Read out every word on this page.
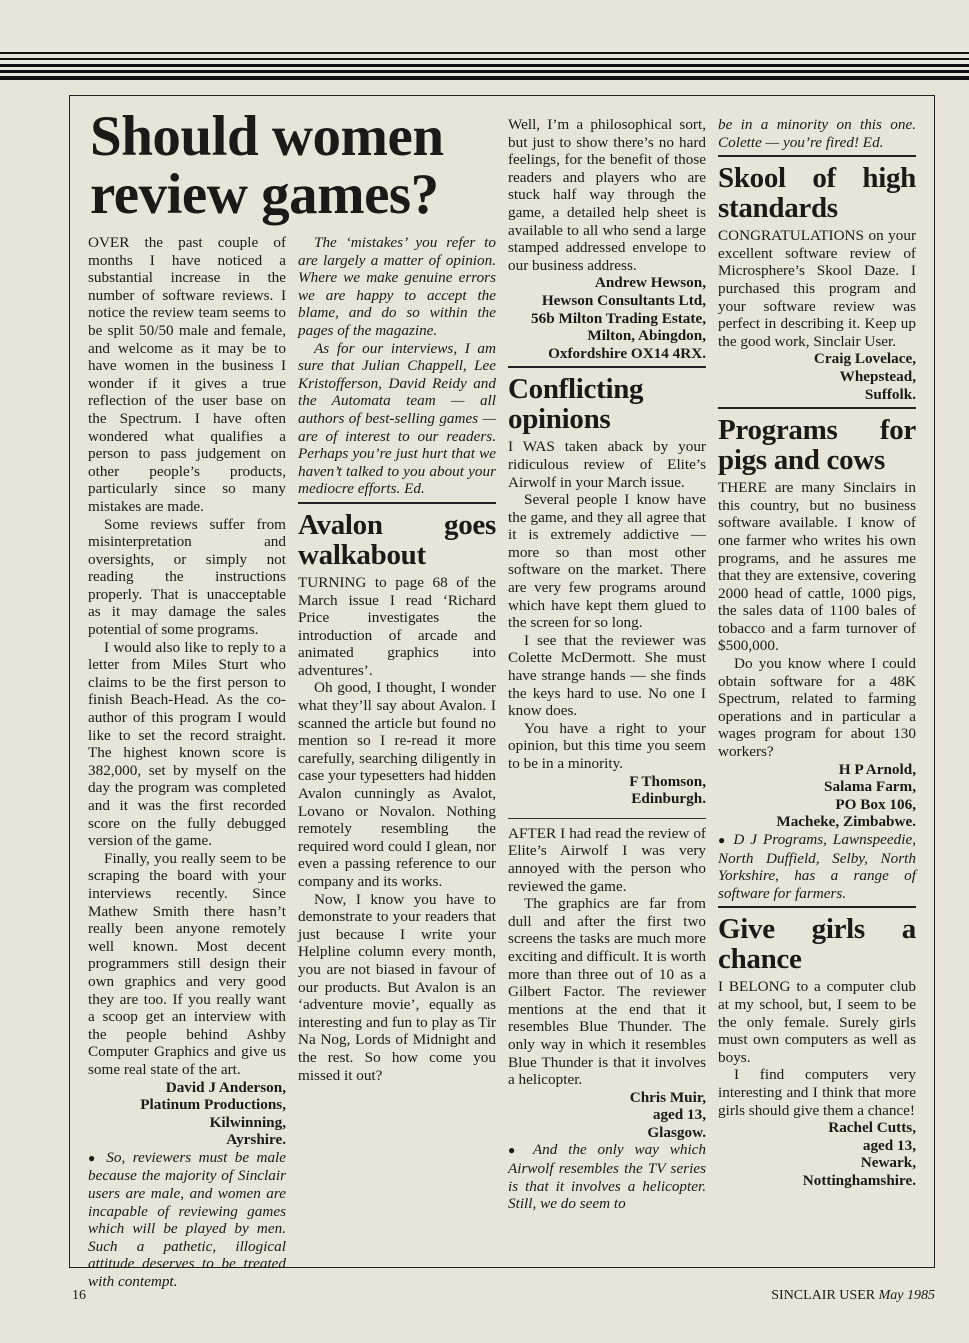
Should women review games?

OVER the past couple of months I have noticed a substantial increase in the number of software reviews. I notice the review team seems to be split 50/50 male and female, and welcome as it may be to have women in the business I wonder if it gives a true reflection of the user base on the Spectrum. I have often wondered what qualifies a person to pass judgement on other people’s products, particularly since so many mistakes are made.

Some reviews suffer from misinterpretation and oversights, or simply not reading the instructions properly. That is unacceptable as it may damage the sales potential of some programs.

I would also like to reply to a letter from Miles Sturt who claims to be the first person to finish Beach-Head. As the co-author of this program I would like to set the record straight. The highest known score is 382,000, set by myself on the day the program was completed and it was the first recorded score on the fully debugged version of the game.

Finally, you really seem to be scraping the board with your interviews recently. Since Mathew Smith there hasn’t really been anyone remotely well known. Most decent programmers still design their own graphics and very good they are too. If you really want a scoop get an interview with the people behind Ashby Computer Graphics and give us some real state of the art.

David J Anderson,
Platinum Productions,
Kilwinning,
Ayrshire.

● So, reviewers must be male because the majority of Sinclair users are male, and women are incapable of reviewing games which will be played by men. Such a pathetic, illogical attitude deserves to be treated with contempt.

The ‘mistakes’ you refer to are largely a matter of opinion. Where we make genuine errors we are happy to accept the blame, and do so within the pages of the magazine.

As for our interviews, I am sure that Julian Chappell, Lee Kristofferson, David Reidy and the Automata team — all authors of best-selling games — are of interest to our readers. Perhaps you’re just hurt that we haven’t talked to you about your mediocre efforts. Ed.

Avalon goes walkabout

TURNING to page 68 of the March issue I read ‘Richard Price investigates the introduction of arcade and animated graphics into adventures’.

Oh good, I thought, I wonder what they’ll say about Avalon. I scanned the article but found no mention so I re-read it more carefully, searching diligently in case your typesetters had hidden Avalon cunningly as Avalot, Lovano or Novalon. Nothing remotely resembling the required word could I glean, nor even a passing reference to our company and its works.

Now, I know you have to demonstrate to your readers that just because I write your Helpline column every month, you are not biased in favour of our products. But Avalon is an ‘adventure movie’, equally as interesting and fun to play as Tir Na Nog, Lords of Midnight and the rest. So how come you missed it out?

Well, I’m a philosophical sort, but just to show there’s no hard feelings, for the benefit of those readers and players who are stuck half way through the game, a detailed help sheet is available to all who send a large stamped addressed envelope to our business address.

Andrew Hewson,
Hewson Consultants Ltd,
56b Milton Trading Estate,
Milton, Abingdon,
Oxfordshire OX14 4RX.
Conflicting opinions

I WAS taken aback by your ridiculous review of Elite’s Airwolf in your March issue.

Several people I know have the game, and they all agree that it is extremely addictive — more so than most other software on the market. There are very few programs around which have kept them glued to the screen for so long.

I see that the reviewer was Colette McDermott. She must have strange hands — she finds the keys hard to use. No one I know does.

You have a right to your opinion, but this time you seem to be in a minority.

F Thomson,
Edinburgh.

AFTER I had read the review of Elite’s Airwolf I was very annoyed with the person who reviewed the game.

The graphics are far from dull and after the first two screens the tasks are much more exciting and difficult. It is worth more than three out of 10 as a Gilbert Factor. The reviewer mentions at the end that it resembles Blue Thunder. The only way in which it resembles Blue Thunder is that it involves a helicopter.

Chris Muir,
aged 13,
Glasgow.

● And the only way which Airwolf resembles the TV series is that it involves a helicopter. Still, we do seem to

be in a minority on this one. Colette — you’re fired! Ed.

Skool of high standards

CONGRATULATIONS on your excellent software review of Microsphere’s Skool Daze. I purchased this program and your software review was perfect in describing it. Keep up the good work, Sinclair User.

Craig Lovelace,
Whepstead,
Suffolk.
Programs for pigs and cows

THERE are many Sinclairs in this country, but no business software available. I know of one farmer who writes his own programs, and he assures me that they are extensive, covering 2000 head of cattle, 1000 pigs, the sales data of 1100 bales of tobacco and a farm turnover of $500,000.

Do you know where I could obtain software for a 48K Spectrum, related to farming operations and in particular a wages program for about 130 workers?

H P Arnold,
Salama Farm,
PO Box 106,
Macheke, Zimbabwe.

● D J Programs, Lawnspeedie, North Duffield, Selby, North Yorkshire, has a range of software for farmers.

Give girls a chance

I BELONG to a computer club at my school, but, I seem to be the only female. Surely girls must own computers as well as boys.

I find computers very interesting and I think that more girls should give them a chance!

Rachel Cutts,
aged 13,
Newark,
Nottinghamshire.
16	SINCLAIR USER May 1985
